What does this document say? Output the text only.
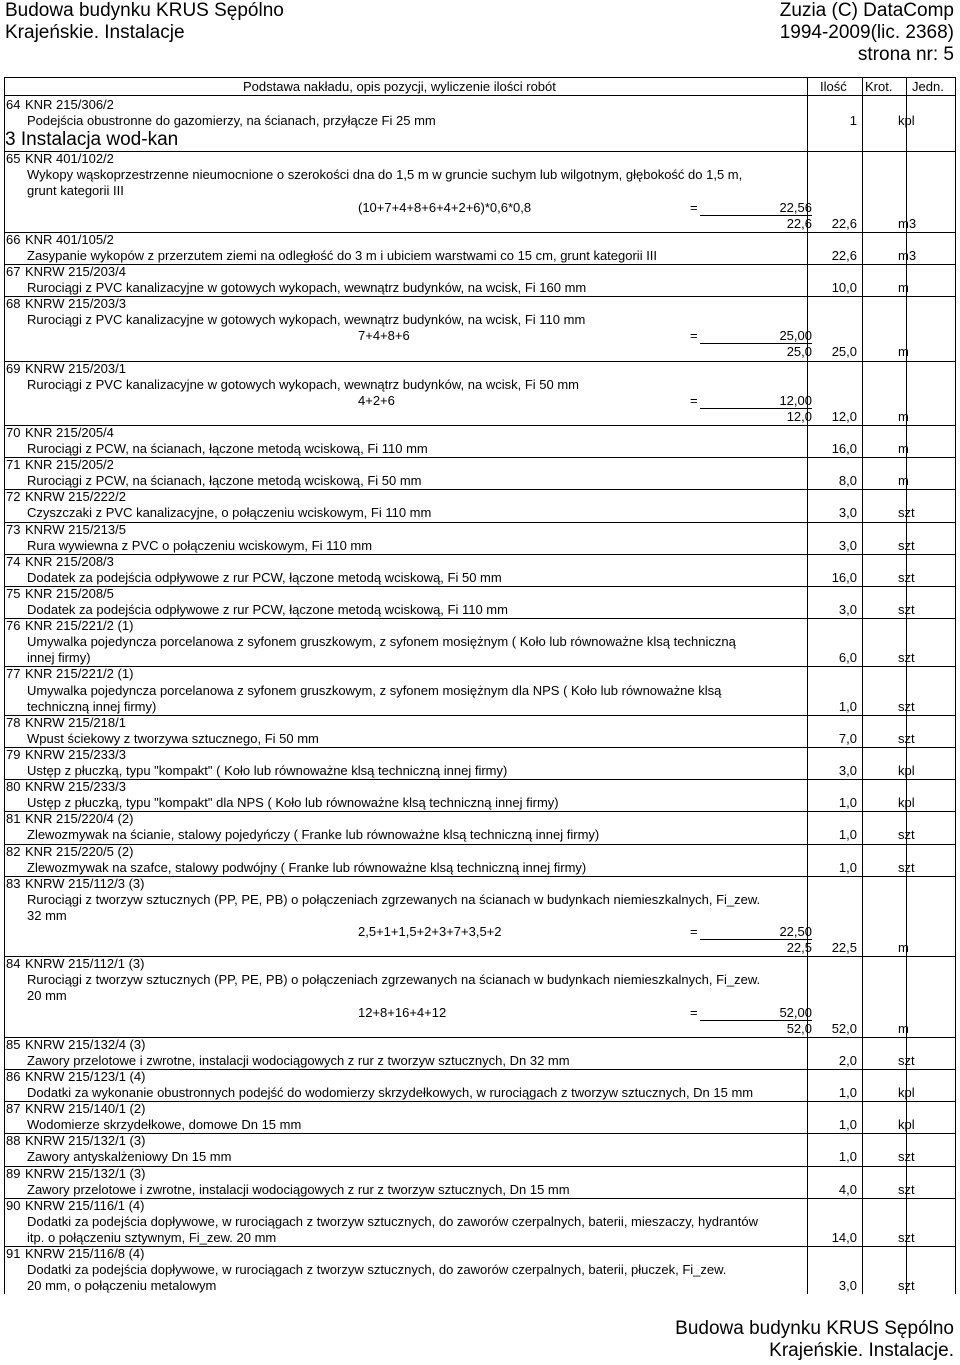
Budowa budynku KRUS Sępólno
Krajeńskie. Instalacje
Zuzia (C) DataComp
1994-2009(lic. 2368)
strona nr: 5
Podstawa nakładu, opis pozycji, wyliczenie ilości robót	Ilość Krot. Jedn.
64 KNR 215/306/2
Podejścia obustronne do gazomierzy, na ścianach, przyłącze Fi 25 mm	1	kpl
3 Instalacja wod-kan
65 KNR 401/102/2
Wykopy wąskoprzestrzenne nieumocnione o szerokości dna do 1,5 m w gruncie suchym lub wilgotnym, głębokość do 1,5 m,
grunt kategorii III
(10+7+4+8+6+4+2+6)*0,6*0,8	=	22,56
22,6 22,6	m3
66 KNR 401/105/2
Zasypanie wykopów z przerzutem ziemi na odległość do 3 m i ubiciem warstwami co 15 cm, grunt kategorii III	22,6	m3
67 KNRW 215/203/4
Rurociągi z PVC kanalizacyjne w gotowych wykopach, wewnątrz budynków, na wcisk, Fi 160 mm	10,0	m
68 KNRW 215/203/3
Rurociągi z PVC kanalizacyjne w gotowych wykopach, wewnątrz budynków, na wcisk, Fi 110 mm
7+4+8+6	=	25,00
25,0 25,0	m
69 KNRW 215/203/1
Rurociągi z PVC kanalizacyjne w gotowych wykopach, wewnątrz budynków, na wcisk, Fi 50 mm
4+2+6	=	12,00
12,0 12,0	m
70 KNR 215/205/4
Rurociągi z PCW, na ścianach, łączone metodą wciskową, Fi 110 mm	16,0	m
71 KNR 215/205/2
Rurociągi z PCW, na ścianach, łączone metodą wciskową, Fi 50 mm	8,0	m
72 KNRW 215/222/2
Czyszczaki z PVC kanalizacyjne, o połączeniu wciskowym, Fi 110 mm	3,0	szt
73 KNRW 215/213/5
Rura wywiewna z PVC o połączeniu wciskowym, Fi 110 mm	3,0	szt
74 KNR 215/208/3
Dodatek za podejścia odpływowe z rur PCW, łączone metodą wciskową, Fi 50 mm	16,0	szt
75 KNR 215/208/5
Dodatek za podejścia odpływowe z rur PCW, łączone metodą wciskową, Fi 110 mm	3,0	szt
76 KNR 215/221/2 (1)
Umywalka pojedyncza porcelanowa z syfonem gruszkowym, z syfonem mosiężnym ( Koło lub równoważne klsą techniczną
innej firmy)	6,0	szt
77 KNR 215/221/2 (1)
Umywalka pojedyncza porcelanowa z syfonem gruszkowym, z syfonem mosiężnym dla NPS ( Koło lub równoważne klsą
techniczną innej firmy)	1,0	szt
78 KNRW 215/218/1
Wpust ściekowy z tworzywa sztucznego, Fi 50 mm	7,0	szt
79 KNRW 215/233/3
Ustęp z płuczką, typu "kompakt" ( Koło lub równoważne klsą techniczną innej firmy)	3,0	kpl
80 KNRW 215/233/3
Ustęp z płuczką, typu "kompakt" dla NPS ( Koło lub równoważne klsą techniczną innej firmy)	1,0	kpl
81 KNR 215/220/4 (2)
Zlewozmywak na ścianie, stalowy pojedyńczy ( Franke lub równoważne klsą techniczną innej firmy)	1,0	szt
82 KNR 215/220/5 (2)
Zlewozmywak na szafce, stalowy podwójny ( Franke lub równoważne klsą techniczną innej firmy)	1,0	szt
83 KNRW 215/112/3 (3)
Rurociągi z tworzyw sztucznych (PP, PE, PB) o połączeniach zgrzewanych na ścianach w budynkach niemieszkalnych, Fi_zew.
32 mm
2,5+1+1,5+2+3+7+3,5+2	=	22,50
22,5 22,5	m
84 KNRW 215/112/1 (3)
Rurociągi z tworzyw sztucznych (PP, PE, PB) o połączeniach zgrzewanych na ścianach w budynkach niemieszkalnych, Fi_zew.
20 mm
12+8+16+4+12	=	52,00
52,0 52,0	m
85 KNRW 215/132/4 (3)
Zawory przelotowe i zwrotne, instalacji wodociągowych z rur z tworzyw sztucznych, Dn 32 mm	2,0	szt
86 KNRW 215/123/1 (4)
Dodatki za wykonanie obustronnych podejść do wodomierzy skrzydełkowych, w rurociągach z tworzyw sztucznych, Dn 15 mm	1,0	kpl
87 KNRW 215/140/1 (2)
Wodomierze skrzydełkowe, domowe Dn 15 mm	1,0	kpl
88 KNRW 215/132/1 (3)
Zawory antyskalżeniowy Dn 15 mm	1,0	szt
89 KNRW 215/132/1 (3)
Zawory przelotowe i zwrotne, instalacji wodociągowych z rur z tworzyw sztucznych, Dn 15 mm	4,0	szt
90 KNRW 215/116/1 (4)
Dodatki za podejścia dopływowe, w rurociągach z tworzyw sztucznych, do zaworów czerpalnych, baterii, mieszaczy, hydrantów
itp. o połączeniu sztywnym, Fi_zew. 20 mm	14,0	szt
91 KNRW 215/116/8 (4)
Dodatki za podejścia dopływowe, w rurociągach z tworzyw sztucznych, do zaworów czerpalnych, baterii, płuczek, Fi_zew.
20 mm, o połączeniu metalowym	3,0	szt
Budowa budynku KRUS Sępólno
Krajeńskie. Instalacje.
